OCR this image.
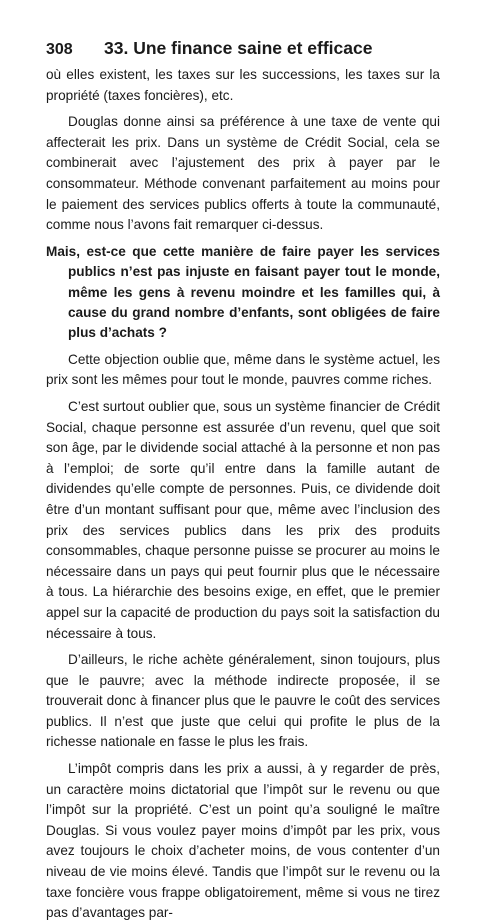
308	33. Une finance saine et efficace

où elles existent, les taxes sur les successions, les taxes sur la propriété (taxes foncières), etc.

Douglas donne ainsi sa préférence à une taxe de vente qui affecterait les prix. Dans un système de Crédit Social, cela se combinerait avec l’ajustement des prix à payer par le consommateur. Méthode convenant parfaitement au moins pour le paiement des services publics offerts à toute la communauté, comme nous l’avons fait remarquer ci-dessus.

Mais, est-ce que cette manière de faire payer les services publics n’est pas injuste en faisant payer tout le monde, même les gens à revenu moindre et les familles qui, à cause du grand nombre d’enfants, sont obligées de faire plus d’achats ?

Cette objection oublie que, même dans le système actuel, les prix sont les mêmes pour tout le monde, pauvres comme riches.

C’est surtout oublier que, sous un système financier de Crédit Social, chaque personne est assurée d’un revenu, quel que soit son âge, par le dividende social attaché à la personne et non pas à l’emploi; de sorte qu’il entre dans la famille autant de dividendes qu’elle compte de personnes. Puis, ce dividende doit être d’un montant suffisant pour que, même avec l’inclusion des prix des services publics dans les prix des produits consommables, chaque personne puisse se procurer au moins le nécessaire dans un pays qui peut fournir plus que le nécessaire à tous. La hiérarchie des besoins exige, en effet, que le premier appel sur la capacité de production du pays soit la satisfaction du nécessaire à tous.

D’ailleurs, le riche achète généralement, sinon toujours, plus que le pauvre; avec la méthode indirecte proposée, il se trouverait donc à financer plus que le pauvre le coût des services publics. Il n’est que juste que celui qui profite le plus de la richesse nationale en fasse le plus les frais.

L’impôt compris dans les prix a aussi, à y regarder de près, un caractère moins dictatorial que l’impôt sur le revenu ou que l’impôt sur la propriété. C’est un point qu’a souligné le maître Douglas. Si vous voulez payer moins d’impôt par les prix, vous avez toujours le choix d’acheter moins, de vous contenter d’un niveau de vie moins élevé. Tandis que l’impôt sur le revenu ou la taxe foncière vous frappe obligatoirement, même si vous ne tirez pas d’avantages par-
